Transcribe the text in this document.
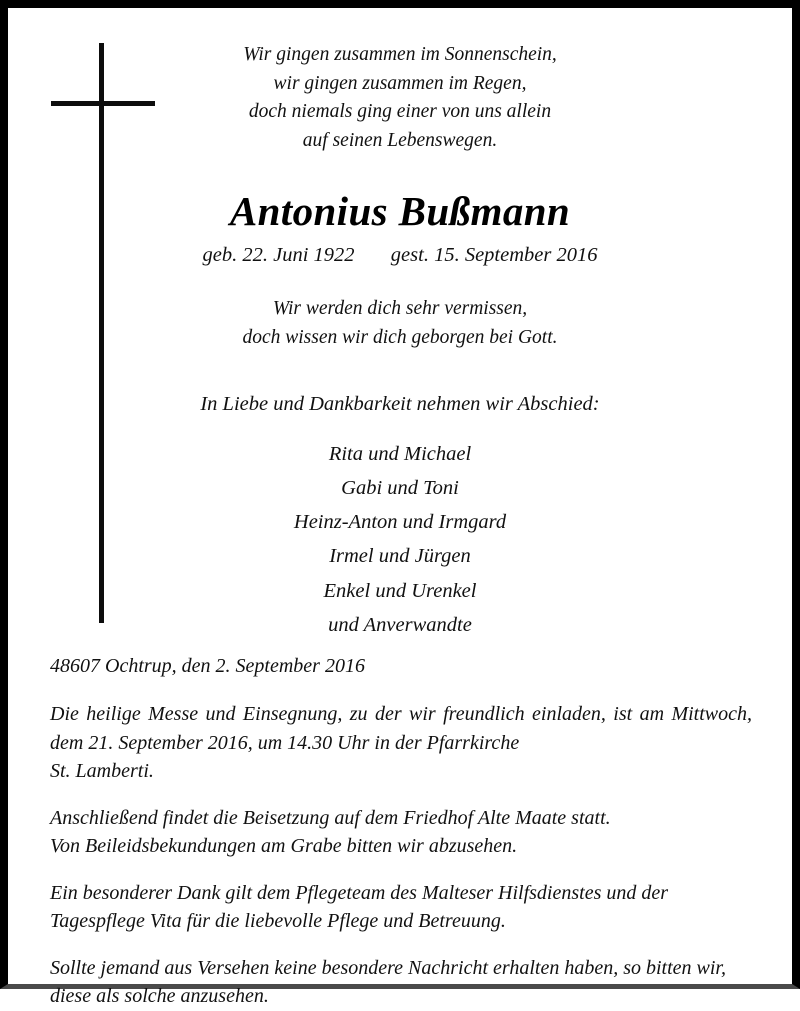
Wir gingen zusammen im Sonnenschein,
wir gingen zusammen im Regen,
doch niemals ging einer von uns allein
auf seinen Lebenswegen.
Antonius Bußmann
geb. 22. Juni 1922 gest. 15. September 2016
Wir werden dich sehr vermissen,
doch wissen wir dich geborgen bei Gott.
In Liebe und Dankbarkeit nehmen wir Abschied:
Rita und Michael
Gabi und Toni
Heinz-Anton und Irmgard
Irmel und Jürgen
Enkel und Urenkel
und Anverwandte
48607 Ochtrup, den 2. September 2016

Die heilige Messe und Einsegnung, zu der wir freundlich einladen, ist am Mittwoch, dem 21. September 2016, um 14.30 Uhr in der Pfarrkirche
St. Lamberti.

Anschließend findet die Beisetzung auf dem Friedhof Alte Maate statt.
Von Beileidsbekundungen am Grabe bitten wir abzusehen.

Ein besonderer Dank gilt dem Pflegeteam des Malteser Hilfsdienstes und der
Tagespflege Vita für die liebevolle Pflege und Betreuung.

Sollte jemand aus Versehen keine besondere Nachricht erhalten haben, so bitten wir,
diese als solche anzusehen.
